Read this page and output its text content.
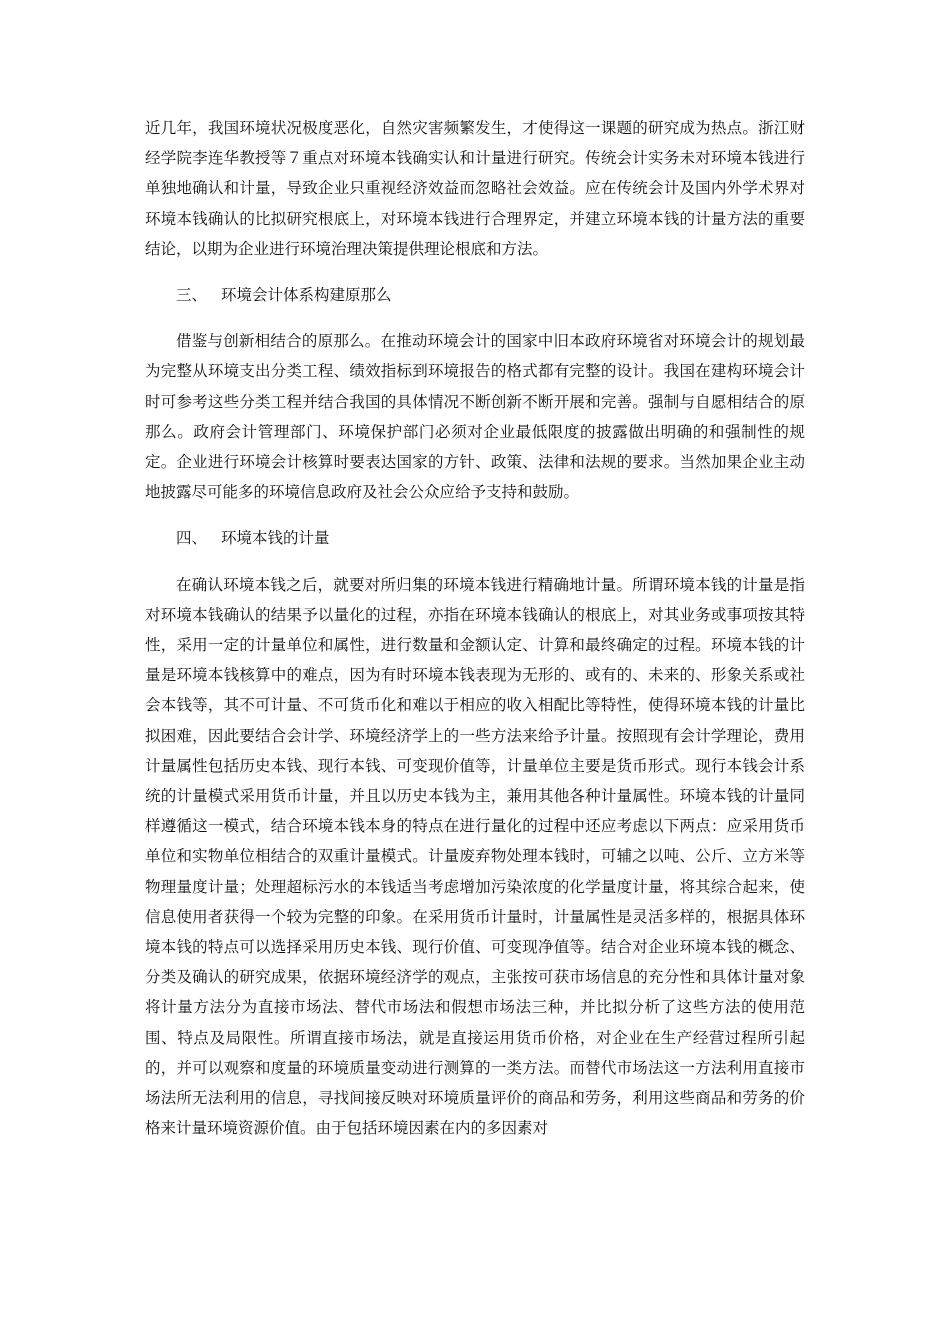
近几年，我国环境状况极度恶化，自然灾害频繁发生，才使得这一课题的研究成为热点。浙江财经学院李连华教授等７重点对环境本钱确实认和计量进行研究。传统会计实务未对环境本钱进行单独地确认和计量，导致企业只重视经济效益而忽略社会效益。应在传统会计及国内外学术界对环境本钱确认的比拟研究根底上，对环境本钱进行合理界定，并建立环境本钱的计量方法的重要结论，以期为企业进行环境治理决策提供理论根底和方法。

三、 环境会计体系构建原那么

借鉴与创新相结合的原那么。在推动环境会计的国家中旧本政府环境省对环境会计的规划最为完整从环境支出分类工程、绩效指标到环境报告的格式都有完整的设计。我国在建构环境会计时可参考这些分类工程并结合我国的具体情况不断创新不断开展和完善。强制与自愿相结合的原那么。政府会计管理部门、环境保护部门必须对企业最低限度的披露做出明确的和强制性的规定。企业进行环境会计核算时要表达国家的方针、政策、法律和法规的要求。当然加果企业主动地披露尽可能多的环境信息政府及社会公众应给予支持和鼓励。

四、 环境本钱的计量

在确认环境本钱之后，就要对所归集的环境本钱进行精确地计量。所谓环境本钱的计量是指对环境本钱确认的结果予以量化的过程，亦指在环境本钱确认的根底上，对其业务或事项按其特性，采用一定的计量单位和属性，进行数量和金额认定、计算和最终确定的过程。环境本钱的计量是环境本钱核算中的难点，因为有时环境本钱表现为无形的、或有的、未来的、形象关系或社会本钱等，其不可计量、不可货币化和难以于相应的收入相配比等特性，使得环境本钱的计量比拟困难，因此要结合会计学、环境经济学上的一些方法来给予计量。按照现有会计学理论，费用计量属性包括历史本钱、现行本钱、可变现价值等，计量单位主要是货币形式。现行本钱会计系统的计量模式采用货币计量，并且以历史本钱为主，兼用其他各种计量属性。环境本钱的计量同样遵循这一模式，结合环境本钱本身的特点在进行量化的过程中还应考虑以下两点：应采用货币单位和实物单位相结合的双重计量模式。计量废弃物处理本钱时，可辅之以吨、公斤、立方米等物理量度计量；处理超标污水的本钱适当考虑增加污染浓度的化学量度计量，将其综合起来，使信息使用者获得一个较为完整的印象。在采用货币计量时，计量属性是灵活多样的，根据具体环境本钱的特点可以选择采用历史本钱、现行价值、可变现净值等。结合对企业环境本钱的概念、分类及确认的研究成果，依据环境经济学的观点，主张按可获市场信息的充分性和具体计量对象将计量方法分为直接市场法、替代市场法和假想市场法三种，并比拟分析了这些方法的使用范围、特点及局限性。所谓直接市场法，就是直接运用货币价格，对企业在生产经营过程所引起的，并可以观察和度量的环境质量变动进行测算的一类方法。而替代市场法这一方法利用直接市场法所无法利用的信息，寻找间接反映对环境质量评价的商品和劳务，利用这些商品和劳务的价格来计量环境资源价值。由于包括环境因素在内的多因素对
